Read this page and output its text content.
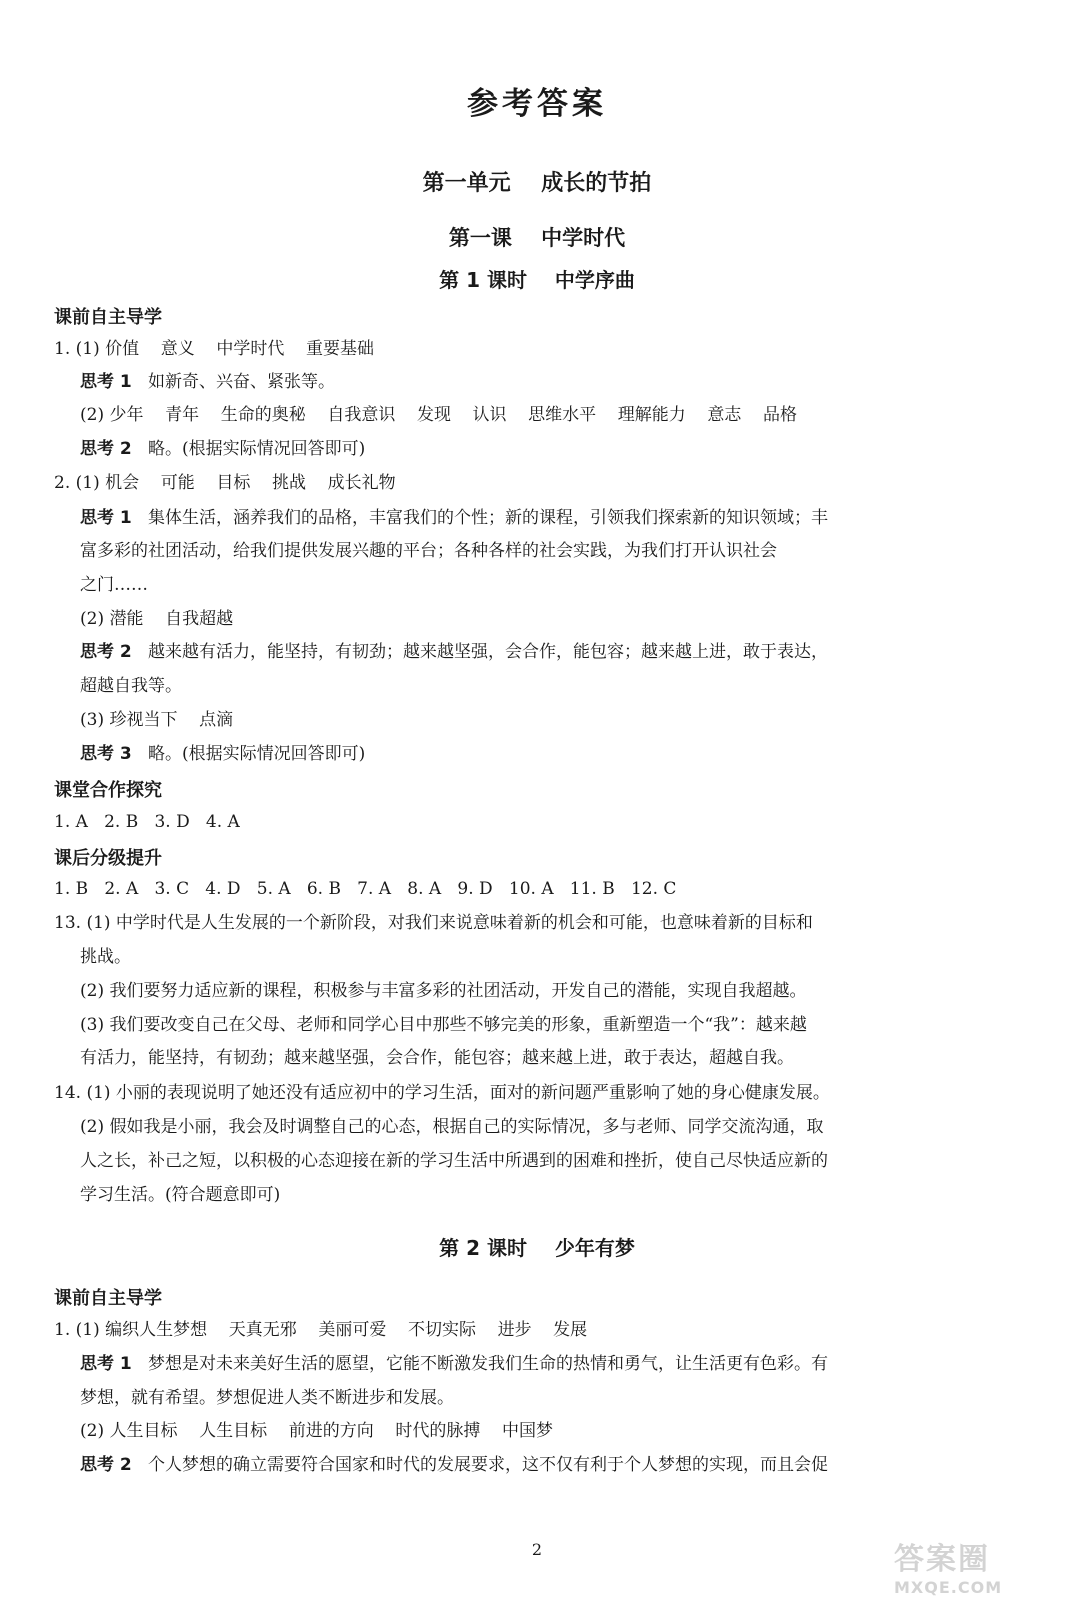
参考答案
第一单元    成长的节拍
第一课    中学时代
第 1 课时    中学序曲
课前自主导学
1. (1) 价值    意义    中学时代    重要基础
思考 1   如新奇、兴奋、紧张等。
(2) 少年    青年    生命的奥秘    自我意识    发现    认识    思维水平    理解能力    意志    品格
思考 2   略。(根据实际情况回答即可)
2. (1) 机会    可能    目标    挑战    成长礼物
思考 1   集体生活，涵养我们的品格，丰富我们的个性；新的课程，引领我们探索新的知识领域；丰
富多彩的社团活动，给我们提供发展兴趣的平台；各种各样的社会实践，为我们打开认识社会
之门……
(2) 潜能    自我超越
思考 2   越来越有活力，能坚持，有韧劲；越来越坚强，会合作，能包容；越来越上进，敢于表达，
超越自我等。
(3) 珍视当下    点滴
思考 3   略。(根据实际情况回答即可)
课堂合作探究
1. A   2. B   3. D   4. A
课后分级提升
1. B   2. A   3. C   4. D   5. A   6. B   7. A   8. A   9. D   10. A   11. B   12. C
13. (1) 中学时代是人生发展的一个新阶段，对我们来说意味着新的机会和可能，也意味着新的目标和
挑战。
(2) 我们要努力适应新的课程，积极参与丰富多彩的社团活动，开发自己的潜能，实现自我超越。
(3) 我们要改变自己在父母、老师和同学心目中那些不够完美的形象，重新塑造一个“我”：越来越
有活力，能坚持，有韧劲；越来越坚强，会合作，能包容；越来越上进，敢于表达，超越自我。
14. (1) 小丽的表现说明了她还没有适应初中的学习生活，面对的新问题严重影响了她的身心健康发展。
(2) 假如我是小丽，我会及时调整自己的心态，根据自己的实际情况，多与老师、同学交流沟通，取
人之长，补己之短，以积极的心态迎接在新的学习生活中所遇到的困难和挫折，使自己尽快适应新的
学习生活。(符合题意即可)
第 2 课时    少年有梦
课前自主导学
1. (1) 编织人生梦想    天真无邪    美丽可爱    不切实际    进步    发展
思考 1   梦想是对未来美好生活的愿望，它能不断激发我们生命的热情和勇气，让生活更有色彩。有
梦想，就有希望。梦想促进人类不断进步和发展。
(2) 人生目标    人生目标    前进的方向    时代的脉搏    中国梦
思考 2   个人梦想的确立需要符合国家和时代的发展要求，这不仅有利于个人梦想的实现，而且会促
2	答案圈
MXQE.COM
